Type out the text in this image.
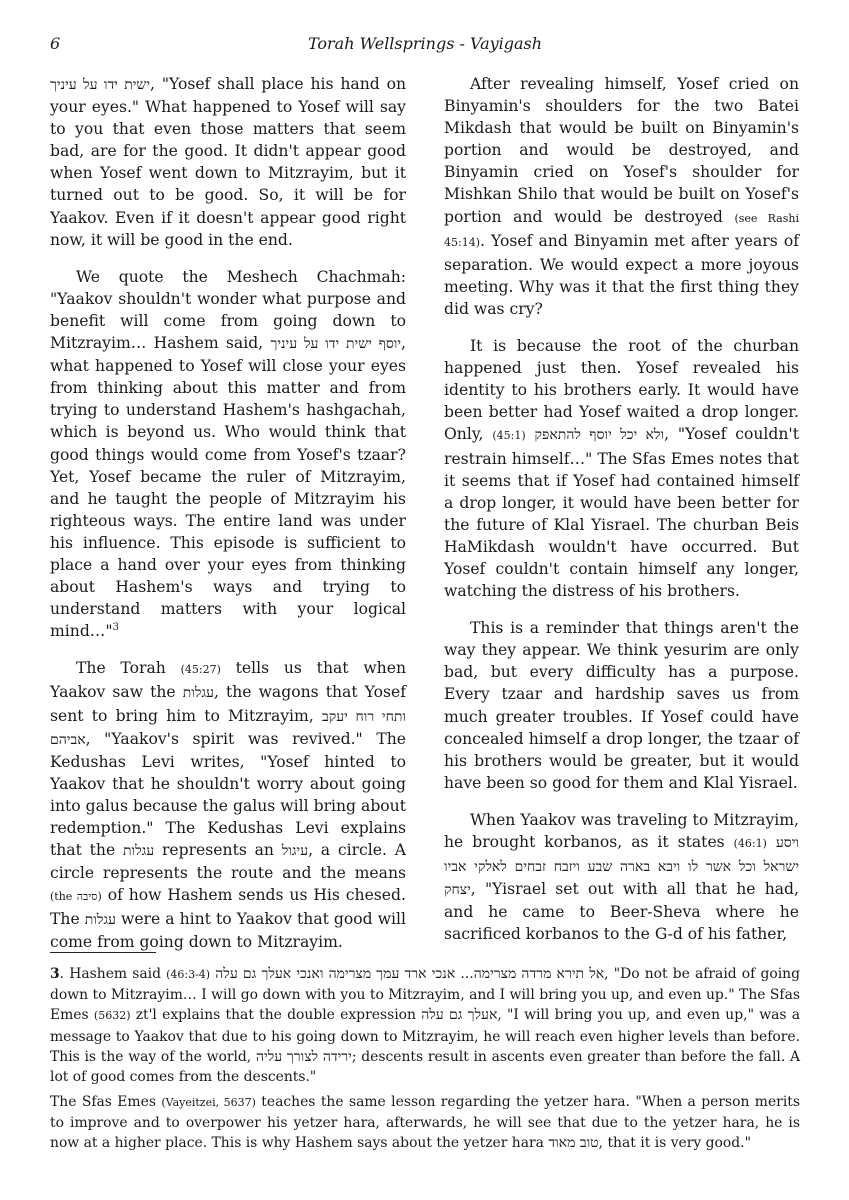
6	Torah Wellsprings - Vayigash

ישית ידו על עיניך, "Yosef shall place his hand on your eyes." What happened to Yosef will say to you that even those matters that seem bad, are for the good. It didn't appear good when Yosef went down to Mitzrayim, but it turned out to be good. So, it will be for Yaakov. Even if it doesn't appear good right now, it will be good in the end.

We quote the Meshech Chachmah: "Yaakov shouldn't wonder what purpose and benefit will come from going down to Mitzrayim… Hashem said, יוסף ישית ידו על עיניך, what happened to Yosef will close your eyes from thinking about this matter and from trying to understand Hashem's hashgachah, which is beyond us. Who would think that good things would come from Yosef's tzaar? Yet, Yosef became the ruler of Mitzrayim, and he taught the people of Mitzrayim his righteous ways. The entire land was under his influence. This episode is sufficient to place a hand over your eyes from thinking about Hashem's ways and trying to understand matters with your logical mind…"$^3$

The Torah (45:27) tells us that when Yaakov saw the עגלות, the wagons that Yosef sent to bring him to Mitzrayim, ותחי רוח יעקב אביהם, "Yaakov's spirit was revived." The Kedushas Levi writes, "Yosef hinted to Yaakov that he shouldn't worry about going into galus because the galus will bring about redemption." The Kedushas Levi explains that the עגלות represents an עיגול, a circle. A circle represents the route and the means (the סיבה) of how Hashem sends us His chesed. The עגלות were a hint to Yaakov that good will come from going down to Mitzrayim.

After revealing himself, Yosef cried on Binyamin's shoulders for the two Batei Mikdash that would be built on Binyamin's portion and would be destroyed, and Binyamin cried on Yosef's shoulder for Mishkan Shilo that would be built on Yosef's portion and would be destroyed (see Rashi 45:14). Yosef and Binyamin met after years of separation. We would expect a more joyous meeting. Why was it that the first thing they did was cry?

It is because the root of the churban happened just then. Yosef revealed his identity to his brothers early. It would have been better had Yosef waited a drop longer. Only, (45:1) ולא יכל יוסף להתאפק, "Yosef couldn't restrain himself…" The Sfas Emes notes that it seems that if Yosef had contained himself a drop longer, it would have been better for the future of Klal Yisrael. The churban Beis HaMikdash wouldn't have occurred. But Yosef couldn't contain himself any longer, watching the distress of his brothers.

This is a reminder that things aren't the way they appear. We think yesurim are only bad, but every difficulty has a purpose. Every tzaar and hardship saves us from much greater troubles. If Yosef could have concealed himself a drop longer, the tzaar of his brothers would be greater, but it would have been so good for them and Klal Yisrael.

When Yaakov was traveling to Mitzrayim, he brought korbanos, as it states (46:1) ויסע ישראל וכל אשר לו ויבא בארה שבע ויזבח זבחים לאלקי אביו יצחק, "Yisrael set out with all that he had, and he came to Beer-Sheva where he sacrificed korbanos to the G-d of his father,

3. Hashem said (46:3-4) אל תירא מרדה מצרימה... אנכי ארד עמך מצרימה ואנכי אעלך גם עלה, "Do not be afraid of going down to Mitzrayim… I will go down with you to Mitzrayim, and I will bring you up, and even up." The Sfas Emes (5632) zt'l explains that the double expression אעלך גם עלה, "I will bring you up, and even up," was a message to Yaakov that due to his going down to Mitzrayim, he will reach even higher levels than before. This is the way of the world, ירידה לצורך עליה; descents result in ascents even greater than before the fall. A lot of good comes from the descents."

The Sfas Emes (Vayeitzei, 5637) teaches the same lesson regarding the yetzer hara. "When a person merits to improve and to overpower his yetzer hara, afterwards, he will see that due to the yetzer hara, he is now at a higher place. This is why Hashem says about the yetzer hara טוב מאוד, that it is very good."
